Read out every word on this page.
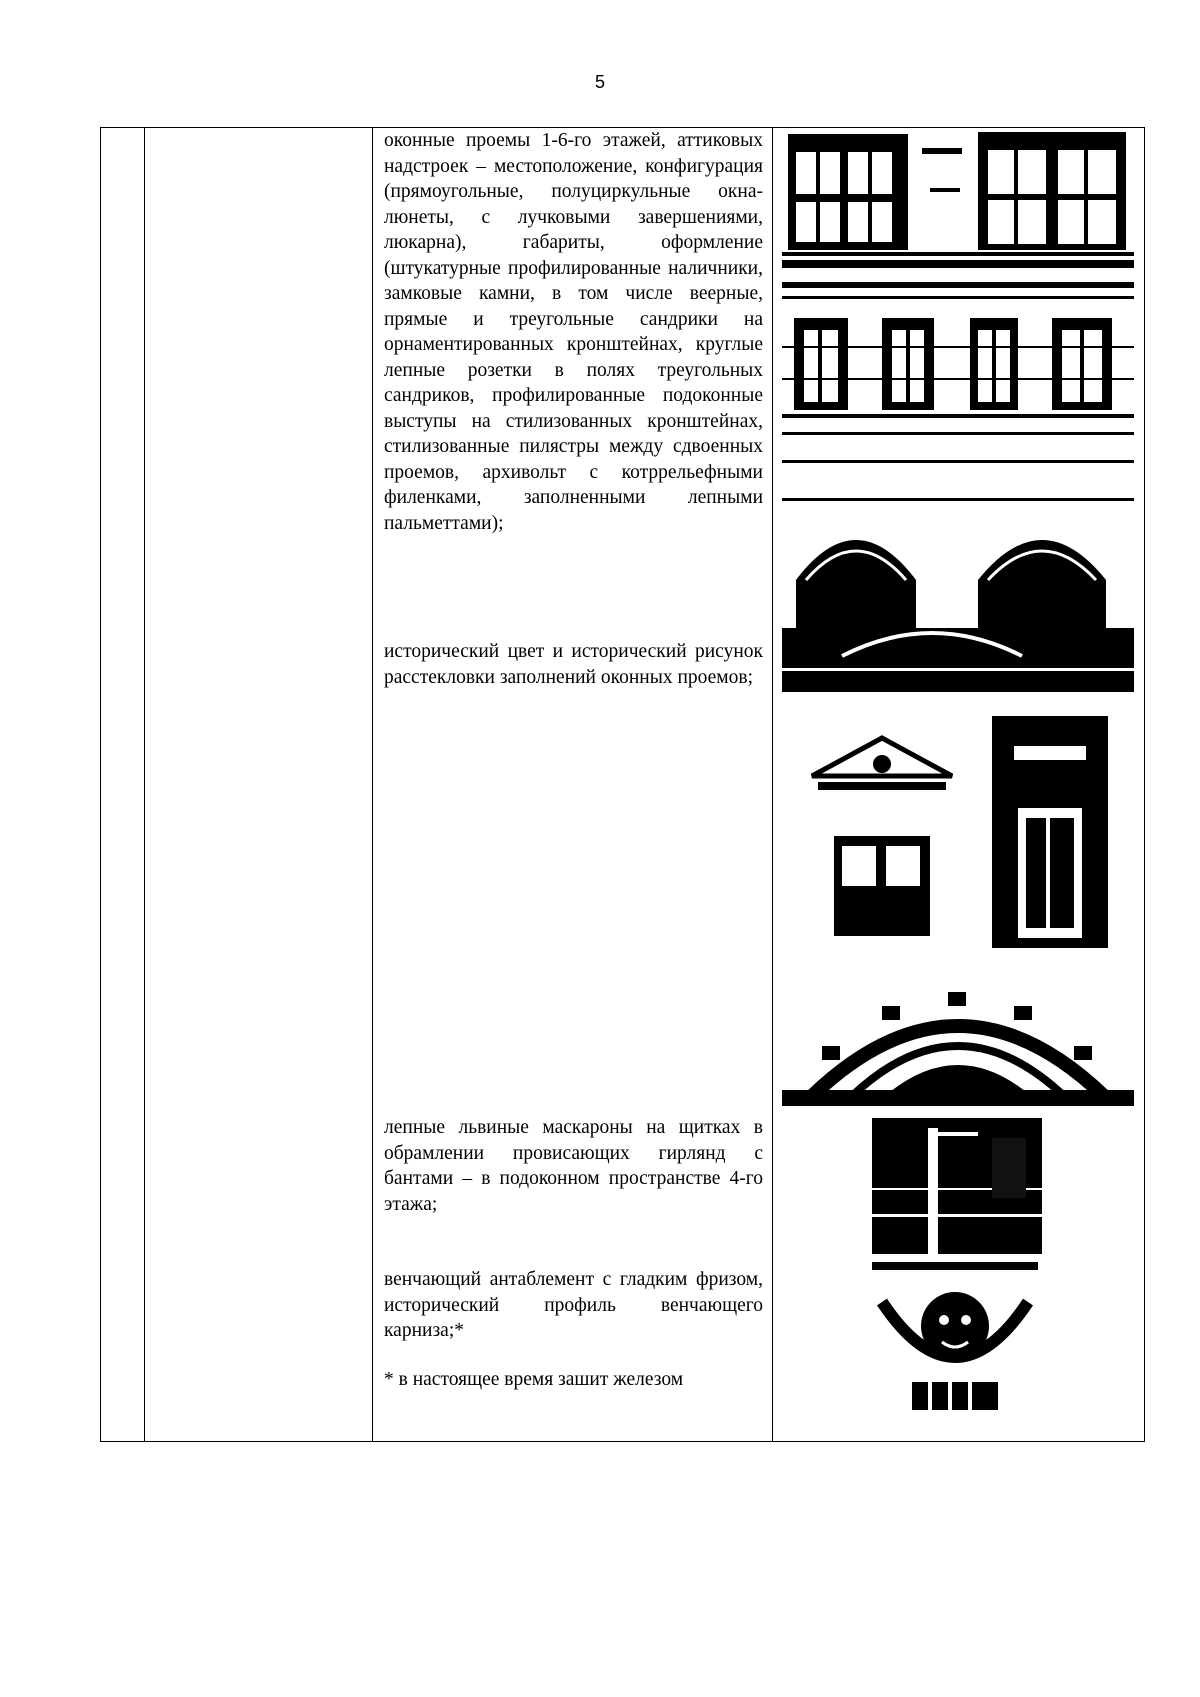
5

оконные проемы 1-6-го этажей, аттиковых надстроек – местоположение, конфигурация (прямоугольные, полуциркульные окна-люнеты, с лучковыми завершениями, люкарна), габариты, оформление (штукатурные профилированные наличники, замковые камни, в том числе веерные, прямые и треугольные сандрики на орнаментированных кронштейнах, круглые лепные розетки в полях треугольных сандриков, профилированные подоконные выступы на стилизованных кронштейнах, стилизованные пилястры между сдвоенных проемов, архивольт с котррельефными филенками, заполненными лепными пальметтами);

исторический цвет и исторический рисунок расстекловки заполнений оконных проемов;

лепные львиные маскароны на щитках в обрамлении провисающих гирлянд с бантами – в подоконном пространстве 4-го этажа;

венчающий антаблемент с гладким фризом, исторический профиль венчающего карниза;*

* в настоящее время зашит железом
